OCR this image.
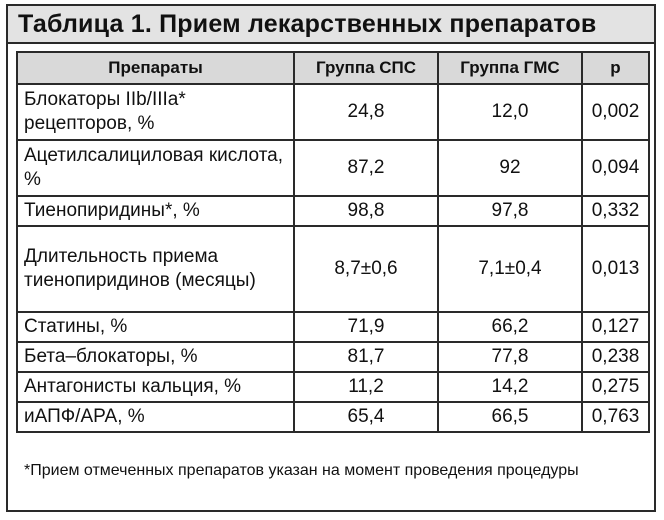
Таблица 1. Прием лекарственных препаратов
Препараты	Группа СПС	Группа ГМС	p
Блокаторы IIb/IIIa* рецепторов, %	24,8	12,0	0,002
Ацетилсалициловая кислота, %	87,2	92	0,094
Тиенопиридины*, %	98,8	97,8	0,332
Длительность приема тиенопиридинов (месяцы)	8,7±0,6	7,1±0,4	0,013
Статины, %	71,9	66,2	0,127
Бета–блокаторы, %	81,7	77,8	0,238
Антагонисты кальция, %	11,2	14,2	0,275
иАПФ/АРА, %	65,4	66,5	0,763
*Прием отмеченных препаратов указан на момент проведения процедуры
